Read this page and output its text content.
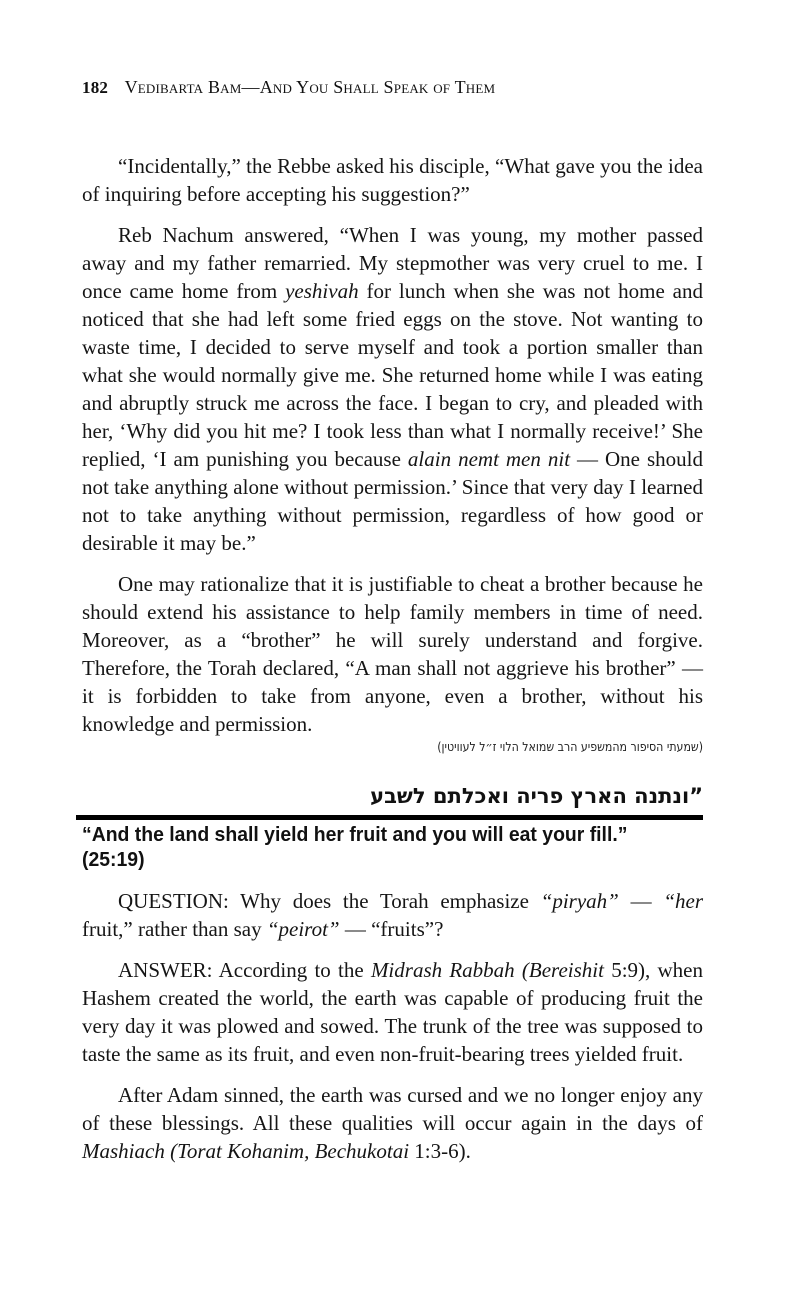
182 Vedibarta Bam—And You Shall Speak of Them

“Incidentally,” the Rebbe asked his disciple, “What gave you the idea of inquiring before accepting his suggestion?”

Reb Nachum answered, “When I was young, my mother passed away and my father remarried. My stepmother was very cruel to me. I once came home from yeshivah for lunch when she was not home and noticed that she had left some fried eggs on the stove. Not wanting to waste time, I decided to serve myself and took a portion smaller than what she would normally give me. She returned home while I was eating and abruptly struck me across the face. I began to cry, and pleaded with her, ‘Why did you hit me? I took less than what I normally receive!’ She replied, ‘I am punishing you because alain nemt men nit — One should not take anything alone without permission.’ Since that very day I learned not to take anything without permission, regardless of how good or desirable it may be.”

One may rationalize that it is justifiable to cheat a brother because he should extend his assistance to help family members in time of need. Moreover, as a “brother” he will surely understand and forgive. Therefore, the Torah declared, “A man shall not aggrieve his brother” — it is forbidden to take from anyone, even a brother, without his knowledge and permission.

(שמעתי הסיפור מהמשפיע הרב שמואל הלוי ז״ל לעוויטין)
”ונתנה הארץ פריה ואכלתם לשבע
“And the land shall yield her fruit and you will eat your fill.” (25:19)

QUESTION: Why does the Torah emphasize “piryah” — “her fruit,” rather than say “peirot” — “fruits”?

ANSWER: According to the Midrash Rabbah (Bereishit 5:9), when Hashem created the world, the earth was capable of producing fruit the very day it was plowed and sowed. The trunk of the tree was supposed to taste the same as its fruit, and even non-fruit-bearing trees yielded fruit.

After Adam sinned, the earth was cursed and we no longer enjoy any of these blessings. All these qualities will occur again in the days of Mashiach (Torat Kohanim, Bechukotai 1:3-6).
